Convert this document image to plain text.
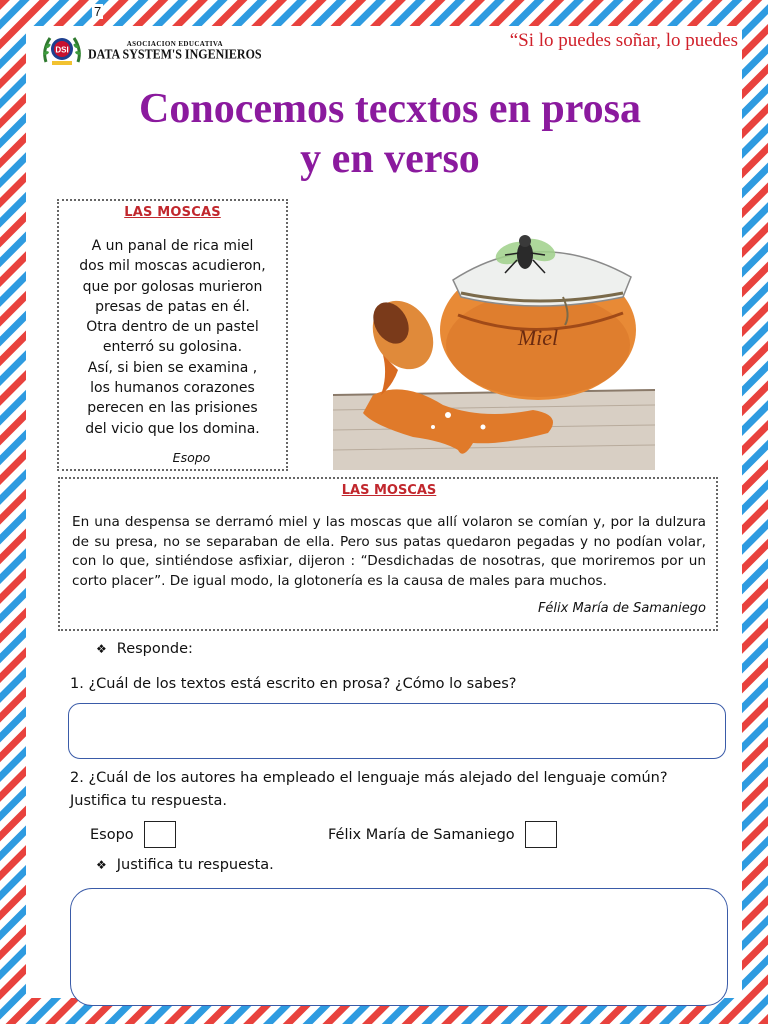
7
DSI
ASOCIACION EDUCATIVA
DATA SYSTEM'S INGENIEROS
“Si lo puedes soñar, lo puedes
Conocemos tecxtos en prosa
y en verso
LAS MOSCAS
A un panal de rica miel
dos mil moscas acudieron,
que por golosas murieron
presas de patas en él.
Otra dentro de un pastel
enterró su golosina.
Así, si bien se examina ,
los humanos corazones
perecen en las prisiones
del vicio que los domina.
Esopo
Miel
LAS MOSCAS
En una despensa se derramó miel y las moscas que allí volaron se comían y, por la dulzura de su presa, no se separaban de ella. Pero sus patas quedaron pegadas y no podían volar, con lo que, sintiéndose asfixiar, dijeron : “Desdichadas de nosotras, que moriremos por un corto placer”. De igual modo, la glotonería es la causa de males para muchos.
Félix María de Samaniego
❖ Responde:
1. ¿Cuál de los textos está escrito en prosa? ¿Cómo lo sabes?
2. ¿Cuál de los autores ha empleado el lenguaje más alejado del lenguaje común? Justifica tu respuesta.
Esopo	Félix María de Samaniego
❖ Justifica tu respuesta.
